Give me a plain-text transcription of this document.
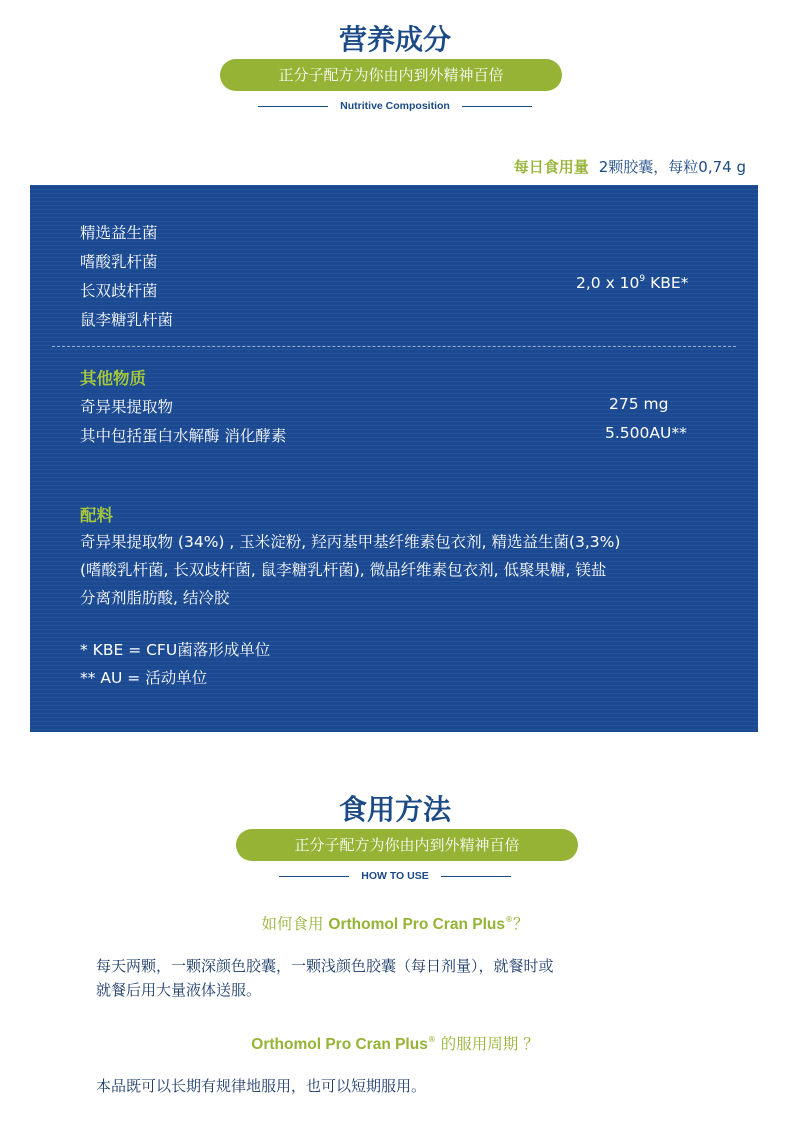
营养成分
正分子配方为你由内到外精神百倍
Nutritive Composition
每日食用量 2颗胶囊，每粒0,74 g
精选益生菌
嗜酸乳杆菌
长双歧杆菌
鼠李糖乳杆菌
2,0 x $10^9$ KBE*
其他物质
奇异果提取物	275 mg
其中包括蛋白水解酶 消化酵素	5.500AU**
配料
奇异果提取物 (34%) , 玉米淀粉, 羟丙基甲基纤维素包衣剂, 精选益生菌(3,3%)
(嗜酸乳杆菌, 长双歧杆菌, 鼠李糖乳杆菌), 微晶纤维素包衣剂, 低聚果糖, 镁盐
分离剂脂肪酸, 结冷胶
* KBE = CFU菌落形成单位
** AU = 活动单位
食用方法
正分子配方为你由内到外精神百倍
HOW TO USE
如何食用 Orthomol Pro Cran Plus®？
每天两颗，一颗深颜色胶囊，一颗浅颜色胶囊（每日剂量），就餐时或
就餐后用大量液体送服。
Orthomol Pro Cran Plus® 的服用周期 ？
本品既可以长期有规律地服用，也可以短期服用。
